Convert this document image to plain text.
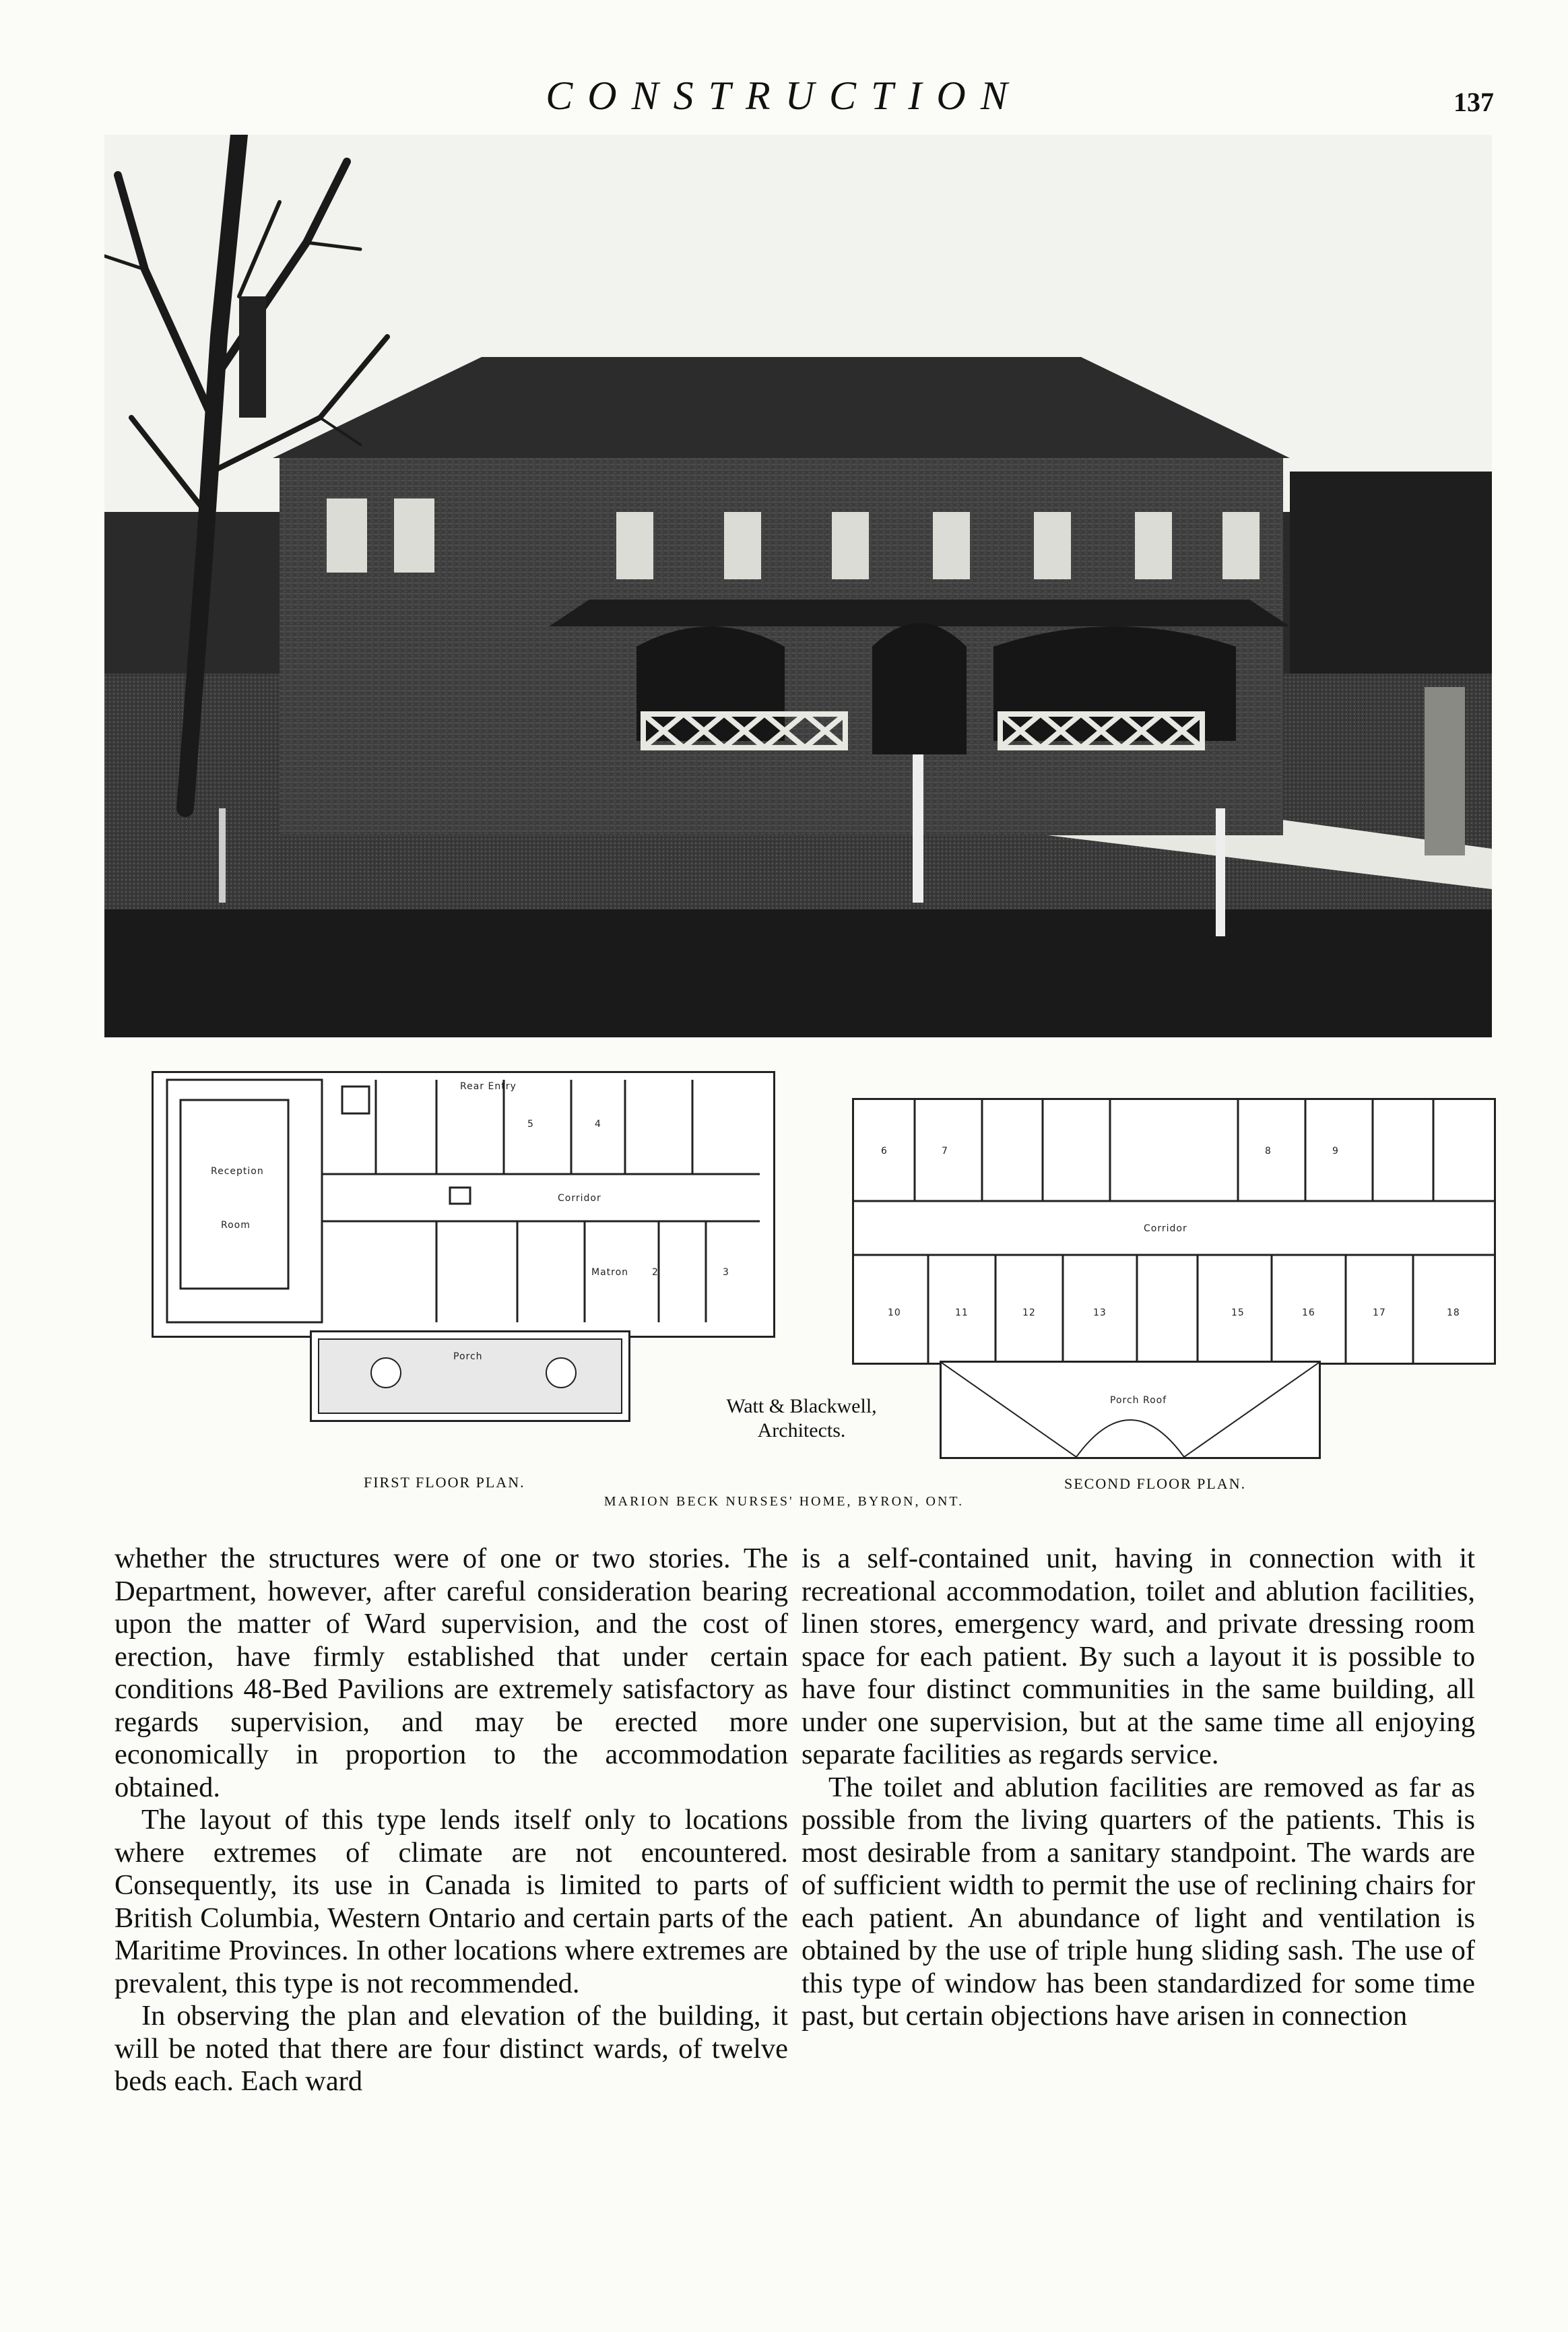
CONSTRUCTION	137
Reception
Room
Corridor
Matron
Rear Entry
2	3
4
5
Porch
FIRST FLOOR PLAN.
Corridor
6	7	8	9
10	11	12	13	15	16	17	18
Porch Roof
SECOND FLOOR PLAN.
Watt & Blackwell,
Architects.
MARION BECK NURSES' HOME, BYRON, ONT.

whether the structures were of one or two stories. The Department, however, after careful consideration bearing upon the matter of Ward supervision, and the cost of erection, have firmly established that under certain conditions 48-Bed Pavilions are extremely satisfactory as regards supervision, and may be erected more economically in proportion to the accommodation obtained.

The layout of this type lends itself only to locations where extremes of climate are not encountered. Consequently, its use in Canada is limited to parts of British Columbia, Western Ontario and certain parts of the Maritime Provinces. In other locations where extremes are prevalent, this type is not recommended.

In observing the plan and elevation of the building, it will be noted that there are four distinct wards, of twelve beds each. Each ward

is a self-contained unit, having in connection with it recreational accommodation, toilet and ablution facilities, linen stores, emergency ward, and private dressing room space for each patient. By such a layout it is possible to have four distinct communities in the same building, all under one supervision, but at the same time all enjoying separate facilities as regards service.

The toilet and ablution facilities are removed as far as possible from the living quarters of the patients. This is most desirable from a sanitary standpoint. The wards are of sufficient width to permit the use of reclining chairs for each patient. An abundance of light and ventilation is obtained by the use of triple hung sliding sash. The use of this type of window has been standardized for some time past, but certain objections have arisen in connection
